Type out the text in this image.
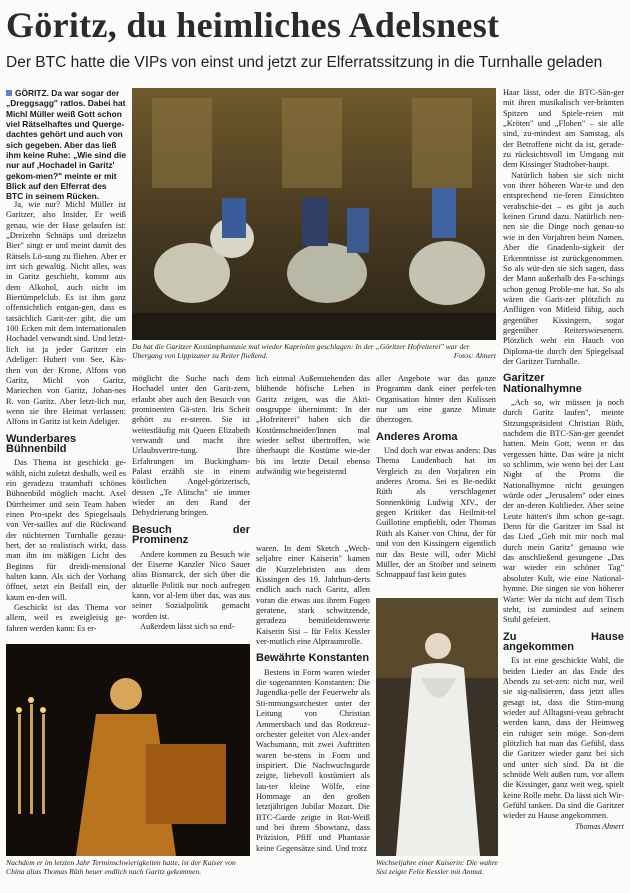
Göritz, du heimliches Adelsnest
Der BTC hatte die VIPs von einst und jetzt zur Elferratssitzung in die Turnhalle geladen
GÖRITZ. Da war sogar der „Dreggsagg" ratlos. Dabei hat Michl Müller weiß Gott schon viel Rätselhaftes und Querge-dachtes gehört und auch von sich gegeben. Aber das ließ ihm keine Ruhe: „Wie sind die nur auf ‚Hochadel in Garitz' gekom-men?" meinte er mit Blick auf den Elferrat des BTC in seinem Rücken.

Ja, wie nur? Michl Müller ist Garitzer, also Insider. Er weiß genau, wie der Hase gelaufen ist: „Dreizehn Schnäps und dreizehn Bier" singt er und meint damit des Rätsels Lö-sung zu fliehen. Aber er irrt sich gewaltig. Nicht alles, was in Garitz geschieht, kommt aus dem Alkohol, auch nicht im Biertümpelclub. Es ist ihm ganz offensichtlich entgan-gen, dass es tatsächlich Garit-zer gibt, die um 100 Ecken mit dem internationalen Hochadel verwandt sind. Und letzt-lich ist ja jeder Garitzer ein Adeliger: Hubert von See, Käs-then von der Krone, Alfons von Garitz, Michl von Garitz, Mariechen von Garitz, Johan-nes R. von Garitz. Aber letzt-lich nur, wenn sie ihre Heimat verlassen: Alfons in Garitz ist kein Adeliger.

Wunderbares Bühnenbild

Das Thema ist geschickt ge-wählt, nicht zuletzt deshalb, weil es ein geradezu traumhaft schönes Bühnenbild möglich macht. Axel Dürrheimer und sein Team haben einen Pro-spekt des Spiegelsaals von Ver-sailles auf die Rückwand der nüchternen Turnhalle gezau-bert, der so realistisch wirkt, dass man ihn im mäßigen Licht des Beginns für dreidi-mensional halten kann. Als sich der Vorhang öffnet, setzt ein Beifall ein, der kaum en-den will.

Geschickt ist das Thema vor allem, weil es zweigleisig ge-fahren werden kann: Es er-

Da hat die Garitzer Kostümphantasie mal wieder Kapriolen geschlagen: In der „Göritzer Hofreiterei" war der Übergang von Lippizaner zu Reiter fließend.	Fotos: Ahnert

möglicht die Suche nach dem Hochadel unter den Garit-zern, erlaubt aber auch den Besuch von prominenten Gä-sten. Iris Scheit gehört zu er-steren. Sie ist weitestläufig mit Queen Elizabeth verwandt und macht ihre Urlaubsvertre-tung. Ihre Erfahrungen im Buckingham-Palast erzählt sie in einem köstlichen Angel-görizerisch, dessen „Te Alitschs" sie immer wieder an den Rand der Dehydrierung bringen.

Besuch der Prominenz

Andere kommen zu Besuch wie der Eiserne Kanzler Nico Sauer alias Bismarck, der sich über die aktuelle Politik nur noch aufregen kann, vor al-lem über das, was aus seiner Sozialpolitik gemacht worden ist.

Außerdem lässt sich so end-

lich einmal Außenstehenden das blühende höfische Leben in Garitz zeigen, was die Akti-onsgruppe übernimmt: In der „Hofreiterei" haben sich die Kostümschneider/Innen mal wieder selbst übertroffen, wie überhaupt die Kostüme wie-der bis ins letzte Detail ebenso aufwändig wie begeisternd

waren. In dem Sketch „Wech-seljahre einer Kaiserin" kamen die Kurzelebristen aus dem Kissingen des 19. Jahrhun-derts endlich auch nach Garitz, allen voran die etwas aus ihrem Fugen geratene, stark schwitzende, geradezu bemitleidenswerte Kaiserin Sisi – für Felix Kessler ver-mutlich eine Alptraumrolle.

Bewährte Konstanten

Bestens in Form waren wieder die sogenannten Konstanten: Die Jugendka-pelle der Feuerwehr als Sti-mmungsorchester unter der Leitung von Christian Ammersbach und das Rotkreuz-orchester geleitet von Alex-ander Wachsmann, mit zwei Auftritten waren be-stens in Form und inspiriert. Die Nachwuchsgarde zeigte, liebevoll kostümiert als lau-ter kleine Wölfe, eine Hommage an den großen letztjährigen Jubilar Mozart. Die BTC-Garde zeigte in Rot-Weiß und bei ihrem Showtanz, dass Präzision, Pfiff und Phantasie keine Gegensätze sind. Und trotz

aller Angebote war das ganze Programm dank einer perfek-ten Organisation hinter den Kulissen nur um eine ganze Minute überzogen.

Anderes Aroma

Und doch war etwas anders: Das Thema Laudenbach hat im Vergleich zu den Vorjahren ein anderes Aroma. Sei es Be-nedikt Rüth als verschlagener Sonnenkönig Ludwig XIV., der gegen Kritiker das Heilmit-tel Guillotine empfiehlt, oder Thomas Rüth als Kaiser von China, der für und von den Kissingern eigentlich nur das Beste will, oder Michl Müller, der an Stoiber und seinem Schnappauf fast kein gutes

Wechseljahre einer Kaiserin: Die wahre Sisi zeigte Felix Kessler mit Anmut.
Nachdem er im letzten Jahr Terminschwierigkeiten hatte, ist der Kaiser von China alias Thomas Rüth heuer endlich nach Garitz gekommen.

Haar lässt, oder die BTC-Sän-ger mit ihren musikalisch ver-brämten Spitzen und Spiele-reien mit „Kröten" und „Flohen" – sie alle sind, zu-mindest am Samstag, als der Betroffene nicht da ist, gerade-zu rücksichtsvoll im Umgang mit dem Kissinger Stadtober-haupt.

Natürlich haben sie sich nicht von ihrer höheren War-te und den entsprechend tie-feren Einsichten verabschie-det – es gibt ja auch keinen Grund dazu. Natürlich nen-nen sie die Dinge noch genau-so wie in den Vorjahren beim Namen. Aber die Gnadenlo-sigkeit der Erkenntnisse ist zurückgenommen. So als wür-den sie sich sagen, dass der Mann außerhalb des Fa-schings schon genug Proble-me hat. So als wären die Garit-zer plötzlich zu Anflügen von Mitleid fähig, auch gegenüber Kissingern, sogar gegenüber Reiterswiesenern. Plötzlich weht ein Hauch von Diploma-tie durch den Spiegelsaal der Garitzer Turnhalle.

Garitzer Nationalhymne

„Ach so, wir müssen ja noch durch Garitz laufen", meinte Sitzungspräsident Christian Rüth, nachdem die BTC-Sän-ger geendet hatten. Mein Gott, wenn er das vergessen hätte. Das wäre ja nicht so schlimm, wie wenn bei der Last Night of the Proms die Nationalhymne nicht gesungen würde oder „Jerusalem" oder eines der an-deren Kultlieder. Aber seine Leute hätten's ihm schon ge-sagt. Denn für die Garitzer im Saal ist das Lied „Geh mit mir noch mal durch mein Garitz" genauso wie das anschließend gesungene „Das war wieder ein schöner Tag" absoluter Kult, wie eine National-hymne. Die singen sie von höherer Warte: Wer da nicht auf dem Tisch steht, ist zumindest auf seinem Stuhl gefeiert.

Zu Hause angekommen

Es ist eine geschickte Wahl, die beiden Lieder an das Ende des Abends zu set-zen: nicht nur, weil sie sig-nalisieren, dass jetzt alles gesagt ist, dass die Stim-mung wieder auf Alltagsni-veau gebracht werden kann, dass der Heimweg ein ruhiger sein möge. Son-dern plötzlich hat man das Gefühl, dass die Garitzer wieder ganz bei sich und unter sich sind. Da ist die schnöde Welt außen rum, vor allem die Kissinger, ganz weit weg, spielt keine Rolle mehr. Da lässt sich Wir-Gefühl tanken. Da sind die Garitzer wieder zu Hause angekommen.

Thomas Ahnert
